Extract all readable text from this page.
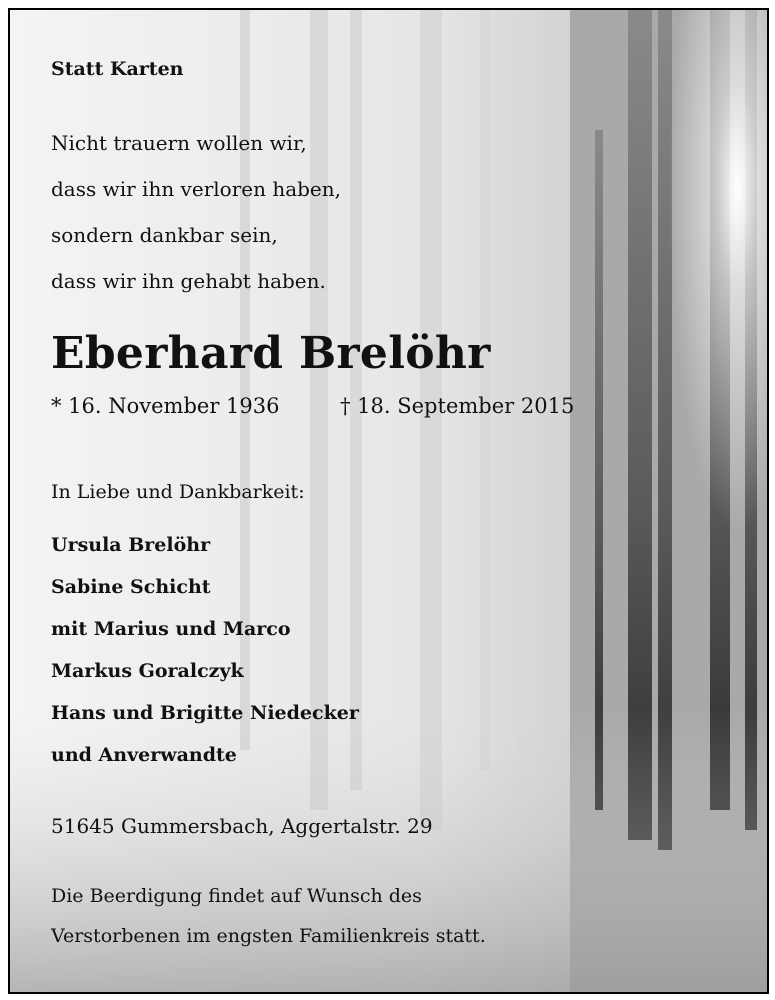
Statt Karten
Nicht trauern wollen wir,
dass wir ihn verloren haben,
sondern dankbar sein,
dass wir ihn gehabt haben.
Eberhard Brelöhr
* 16. November 1936	† 18. September 2015
In Liebe und Dankbarkeit:
Ursula Brelöhr
Sabine Schicht
mit Marius und Marco
Markus Goralczyk
Hans und Brigitte Niedecker
und Anverwandte
51645 Gummersbach, Aggertalstr. 29
Die Beerdigung findet auf Wunsch des
Verstorbenen im engsten Familienkreis statt.
